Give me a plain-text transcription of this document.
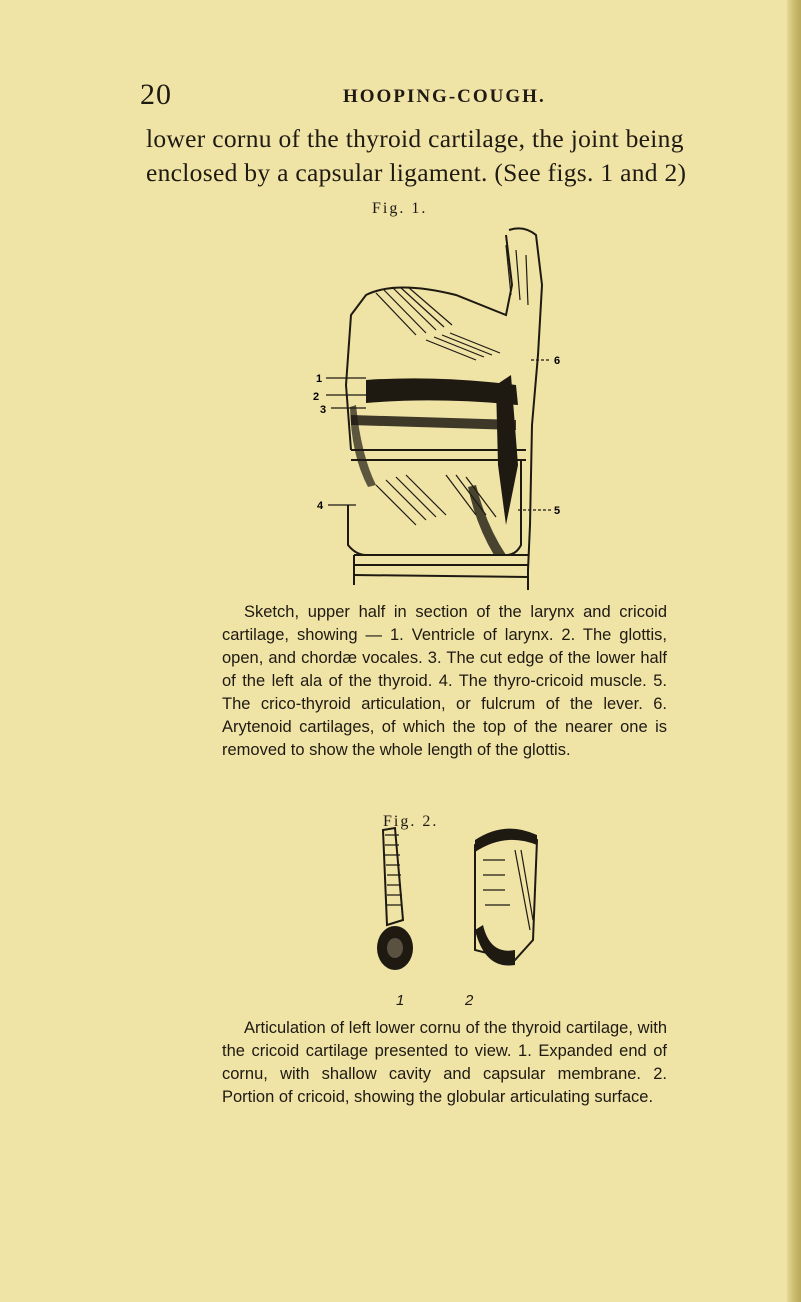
20	HOOPING-COUGH.
lower cornu of the thyroid cartilage, the joint being
enclosed by a capsular ligament. (See figs. 1 and 2)
Fig. 1.
1
2
3
4	5
6

Sketch, upper half in section of the larynx and cricoid cartilage, showing — 1. Ventricle of larynx. 2. The glottis, open, and chordæ vocales. 3. The cut edge of the lower half of the left ala of the thyroid. 4. The thyro-cricoid muscle. 5. The crico-thyroid articulation, or fulcrum of the lever. 6. Arytenoid cartilages, of which the top of the nearer one is removed to show the whole length of the glottis.

Fig. 2.
1	2

Articulation of left lower cornu of the thyroid cartilage, with the cricoid cartilage presented to view. 1. Expanded end of cornu, with shallow cavity and capsular membrane. 2. Portion of cricoid, showing the globular articulating surface.
